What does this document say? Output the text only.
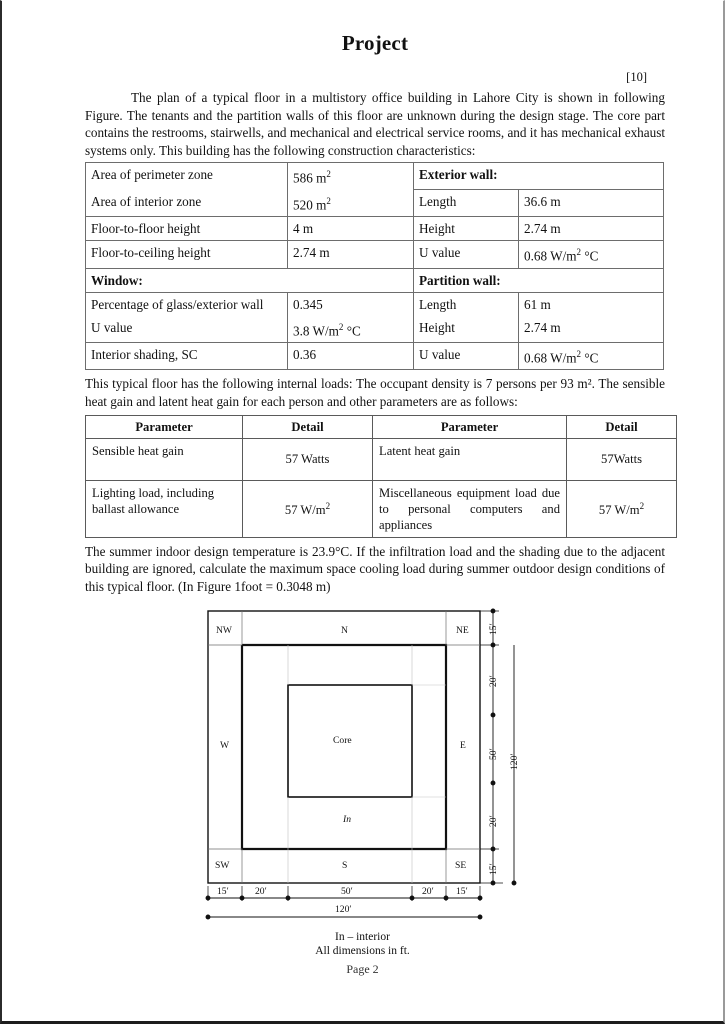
Project
[10]

The plan of a typical floor in a multistory office building in Lahore City is shown in following Figure. The tenants and the partition walls of this floor are unknown during the design stage. The core part contains the restrooms, stairwells, and mechanical and electrical service rooms, and it has mechanical exhaust systems only. This building has the following construction characteristics:

Area of perimeter zone	586 $m^2$	Exterior wall:	
Area of interior zone	520 $m^2$	Length	36.6 m
Floor-to-floor height	4 m	Height	2.74 m
Floor-to-ceiling height	2.74 m	U value	0.68 $W/m^2$ °C
Window:		Partition wall:	
Percentage of glass/exterior wall	0.345	Length	61 m
U value	3.8 $W/m^2$ °C	Height	2.74 m
Interior shading, SC	0.36	U value	0.68 $W/m^2$ °C

This typical floor has the following internal loads: The occupant density is 7 persons per 93 m². The sensible heat gain and latent heat gain for each person and other parameters are as follows:

Parameter	Detail	Parameter	Detail
Sensible heat gain	57 Watts	Latent heat gain	57Watts
Lighting load, including ballast allowance	57 $W/m^2$	Miscellaneous equipment load due to personal computers and appliances	57 $W/m^2$

The summer indoor design temperature is 23.9°C. If the infiltration load and the shading due to the adjacent building are ignored, calculate the maximum space cooling load during summer outdoor design conditions of this typical floor. (In Figure 1foot = 0.3048 m)

NW	N	NE
W	E
Core
In
SW	S	SE
15′
20′
50′
20′
15′
120′
15′	20′	50′	20′ 15′
120′
In – interior
All dimensions in ft.
Page 2
